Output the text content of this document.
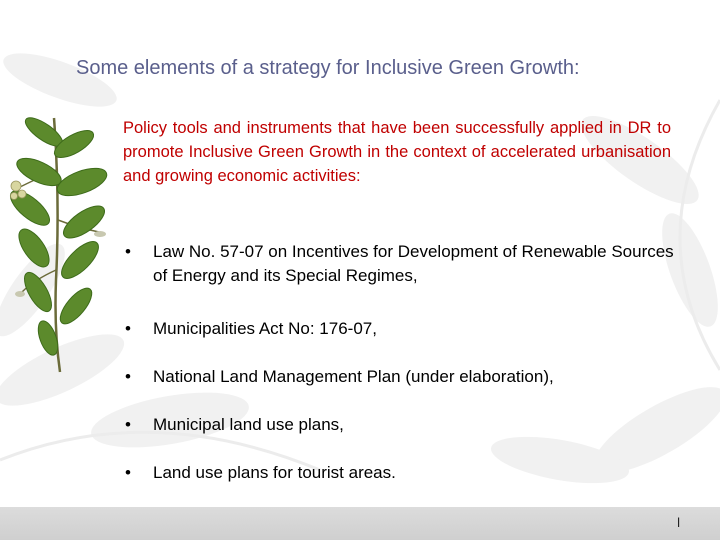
Some elements of a strategy for Inclusive Green Growth:
Policy tools and instruments that have been successfully applied in DR to promote Inclusive Green Growth in the context of accelerated urbanisation and growing economic activities:
•	Law No. 57-07 on Incentives for Development of Renewable Sources of Energy and its Special Regimes,
•	Municipalities Act No: 176-07,
•	National Land Management Plan (under elaboration),
•	Municipal land use plans,
•	Land use plans for tourist areas.
l
